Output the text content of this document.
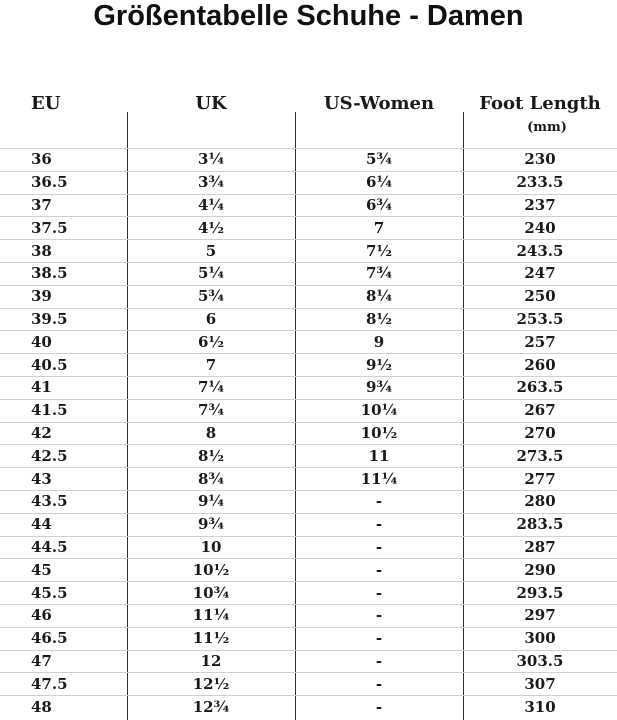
Größentabelle Schuhe - Damen
EU	UK	US-Women	Foot Length
(mm)
36	3¼	5¾	230
36.5	3¾	6¼	233.5
37	4¼	6¾	237
37.5	4½	7	240
38	5	7½	243.5
38.5	5¼	7¾	247
39	5¾	8¼	250
39.5	6	8½	253.5
40	6½	9	257
40.5	7	9½	260
41	7¼	9¾	263.5
41.5	7¾	10¼	267
42	8	10½	270
42.5	8½	11	273.5
43	8¾	11¼	277
43.5	9¼	-	280
44	9¾	-	283.5
44.5	10	-	287
45	10½	-	290
45.5	10¾	-	293.5
46	11¼	-	297
46.5	11½	-	300
47	12	-	303.5
47.5	12½	-	307
48	12¾	-	310
